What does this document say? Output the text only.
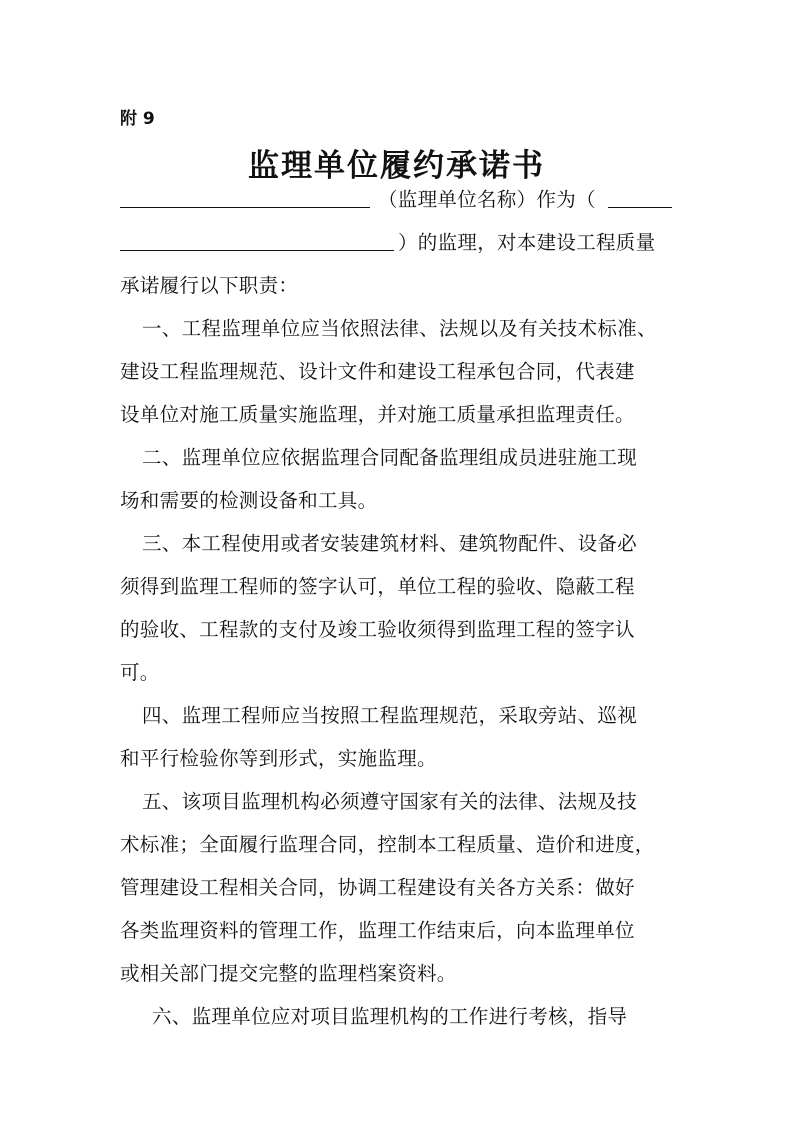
附 9
监理单位履约承诺书
（监理单位名称）作为（
）的监理，对本建设工程质量
承诺履行以下职责：
一、工程监理单位应当依照法律、法规以及有关技术标准、
建设工程监理规范、设计文件和建设工程承包合同，代表建
设单位对施工质量实施监理，并对施工质量承担监理责任。
二、监理单位应依据监理合同配备监理组成员进驻施工现
场和需要的检测设备和工具。
三、本工程使用或者安装建筑材料、建筑物配件、设备必
须得到监理工程师的签字认可，单位工程的验收、隐蔽工程
的验收、工程款的支付及竣工验收须得到监理工程的签字认
可。
四、监理工程师应当按照工程监理规范，采取旁站、巡视
和平行检验你等到形式，实施监理。
五、该项目监理机构必须遵守国家有关的法律、法规及技
术标准；全面履行监理合同，控制本工程质量、造价和进度，
管理建设工程相关合同，协调工程建设有关各方关系：做好
各类监理资料的管理工作，监理工作结束后，向本监理单位
或相关部门提交完整的监理档案资料。
六、监理单位应对项目监理机构的工作进行考核，指导
